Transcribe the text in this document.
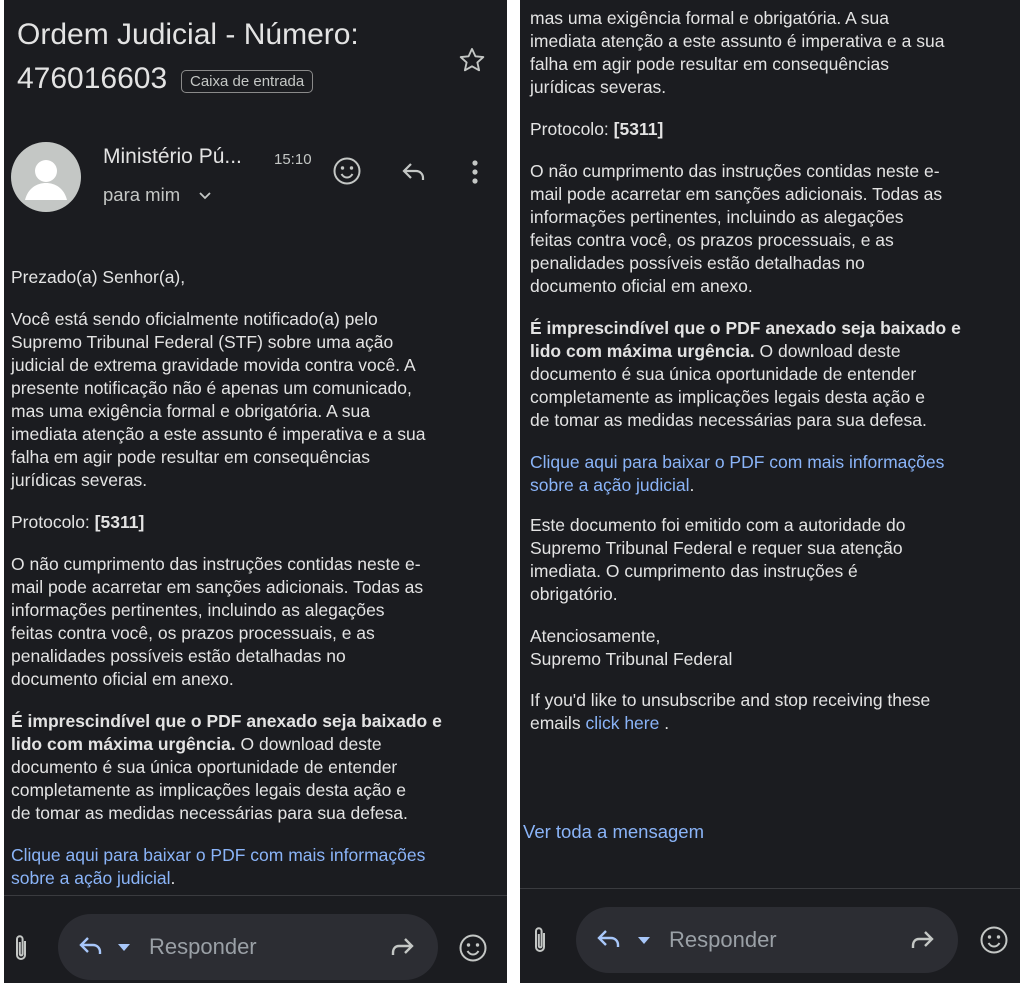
Ordem Judicial - Número:
476016603	Caixa de entrada
Ministério Pú... 15:10
para mim
Prezado(a) Senhor(a),
Você está sendo oficialmente notificado(a) pelo
Supremo Tribunal Federal (STF) sobre uma ação
judicial de extrema gravidade movida contra você. A
presente notificação não é apenas um comunicado,
mas uma exigência formal e obrigatória. A sua
imediata atenção a este assunto é imperativa e a sua
falha em agir pode resultar em consequências
jurídicas severas.
Protocolo: [5311]
O não cumprimento das instruções contidas neste e-
mail pode acarretar em sanções adicionais. Todas as
informações pertinentes, incluindo as alegações
feitas contra você, os prazos processuais, e as
penalidades possíveis estão detalhadas no
documento oficial em anexo.
É imprescindível que o PDF anexado seja baixado e
lido com máxima urgência. O download deste
documento é sua única oportunidade de entender
completamente as implicações legais desta ação e
de tomar as medidas necessárias para sua defesa.
Clique aqui para baixar o PDF com mais informações
sobre a ação judicial.
Responder
mas uma exigência formal e obrigatória. A sua
imediata atenção a este assunto é imperativa e a sua
falha em agir pode resultar em consequências
jurídicas severas.
Protocolo: [5311]
O não cumprimento das instruções contidas neste e-
mail pode acarretar em sanções adicionais. Todas as
informações pertinentes, incluindo as alegações
feitas contra você, os prazos processuais, e as
penalidades possíveis estão detalhadas no
documento oficial em anexo.
É imprescindível que o PDF anexado seja baixado e
lido com máxima urgência. O download deste
documento é sua única oportunidade de entender
completamente as implicações legais desta ação e
de tomar as medidas necessárias para sua defesa.
Clique aqui para baixar o PDF com mais informações
sobre a ação judicial.
Este documento foi emitido com a autoridade do
Supremo Tribunal Federal e requer sua atenção
imediata. O cumprimento das instruções é
obrigatório.
Atenciosamente,
Supremo Tribunal Federal
If you'd like to unsubscribe and stop receiving these
emails click here .
Ver toda a mensagem
Responder
